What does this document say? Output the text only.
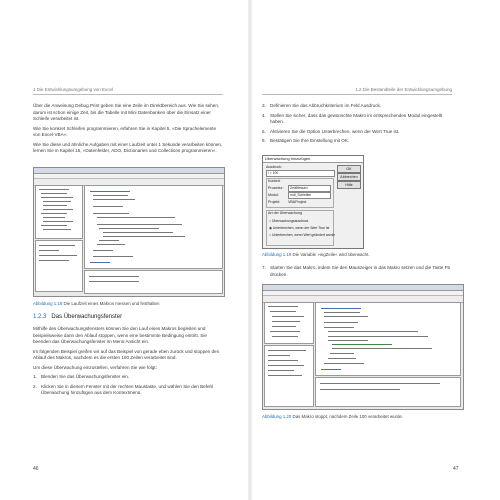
1 Die Entwicklungsumgebung von Excel

Über die Anweisung Debug.Print geben Sie eine Zeile im Direktbereich aus. Wie Sie sehen, darum ist schon einige Zeit, bis die Tabelle mit Mini Datenbanken über die Einsatz einer Schleife verarbeitet ist.

Wie Sie konkret Schleifen programmieren, erfahren Sie in Kapitel 5, »Die Sprachelemente von Excel-VBA«.

Wie Sie diese und ähnliche Aufgaben mit einer Laufzeit unter 1 Sekunde verarbeiten können, lernen Sie in Kapitel 15, »Datenfelder, ADO, Dictionaries und Collections programmieren«.

Abbildung 1.18 Die Laufzeit eines Makros messen und festhalten
1.2.3 Das Überwachungsfenster

Mithilfe des Überwachungsfensters können Sie den Lauf eines Makros begleiten und beispielsweise dann den Ablauf stoppen, wenn eine bestimmte Bedingung eintritt. Sie beenden das Überwachungsfenster im Menü Ansicht ein.

Im folgenden Beispiel greifen wir auf das Beispiel von gerade eben zurück und stoppen den Ablauf des Makros, nachdem es die ersten 100 Zeilen verarbeitet sind.

Um diese Überwachung einzustellen, verfahren Sie wie folgt:

1. Blenden Sie das Überwachungsfenster ein.
2. Klicken Sie in diesem Fenster mit der rechten Maustaste, und wählen Sie den Befehl Überwachung hinzufügen aus dem Kontextmenü.
46
1.2 Die Bestandteile der Entwicklungsumgebung
3. Definieren Sie das Abbruchkriterium im Feld Ausdruck.
4. Stellen Sie sicher, dass das gewünschte Makro im entsprechenden Modul eingestellt haben.
5. Aktivieren Sie die Option Unterbrechen, wenn der Wert True ist.
6. Bestätigen Sie Ihre Einstellung mit OK.
Überwachung hinzufügen
Ausdruck:
i = 100
OK
Abbrechen
Hilfe
Kontext
Prozedur:	ZeitMessen
Modul:	mdl_Schleifen
Projekt: VBAProject
Art der Überwachung
○ Überwachungsausdruck
◉ Unterbrechen, wenn der Wert True ist
○ Unterbrechen, wenn Wert geändert wurde
Abbildung 1.19 Die Variable »ingZeile« wird überwacht.
7. Starten Sie das Makro, indem Sie den Mauszeiger in das Makro setzen und die Taste F5 drücken.
Abbildung 1.20 Das Makro stoppt, nachdem Zeile 100 verarbeitet wurde.
47
